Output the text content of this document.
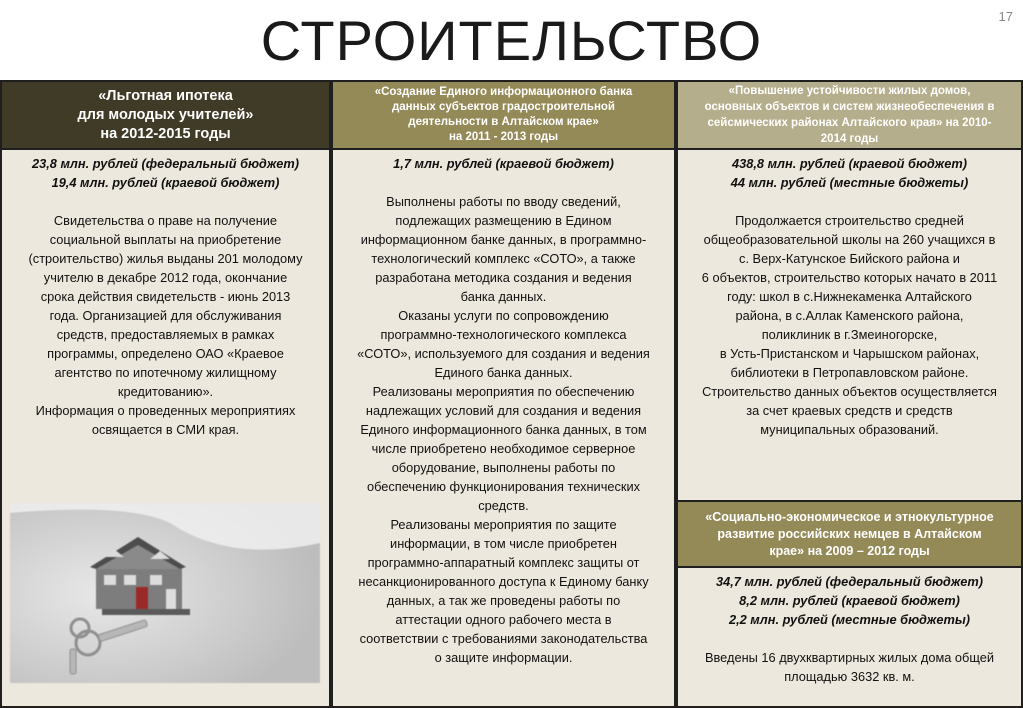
СТРОИТЕЛЬСТВО	17
«Льготная ипотека
для молодых учителей»
на 2012-2015 годы
23,8 млн. рублей (федеральный бюджет)
19,4 млн. рублей (краевой бюджет)
Свидетельства о праве на получение
социальной выплаты на приобретение
(строительство) жилья выданы 201 молодому
учителю в декабре 2012 года, окончание
срока действия свидетельств - июнь 2013
года. Организацией для обслуживания
средств, предоставляемых в рамках
программы, определено ОАО «Краевое
агентство по ипотечному жилищному
кредитованию».
Информация о проведенных мероприятиях
освящается в СМИ края.
«Создание Единого информационного банка
данных субъектов градостроительной
деятельности в Алтайском крае»
на 2011 - 2013 годы
1,7 млн. рублей (краевой бюджет)
Выполнены работы по вводу сведений,
подлежащих размещению в Едином
информационном банке данных, в программно-
технологический комплекс «СОТО», а также
разработана методика создания и ведения
банка данных.
Оказаны услуги по сопровождению
программно-технологического комплекса
«СОТО», используемого для создания и ведения
Единого банка данных.
Реализованы мероприятия по обеспечению
надлежащих условий для создания и ведения
Единого информационного банка данных, в том
числе приобретено необходимое серверное
оборудование, выполнены работы по
обеспечению функционирования технических
средств.
Реализованы мероприятия по защите
информации, в том числе приобретен
программно-аппаратный комплекс защиты от
несанкционированного доступа к Единому банку
данных, а так же проведены работы по
аттестации одного рабочего места в
соответствии с требованиями законодательства
о защите информации.
«Повышение устойчивости жилых домов,
основных объектов и систем жизнеобеспечения в
сейсмических районах Алтайского края» на 2010-
2014 годы
438,8 млн. рублей (краевой бюджет)
44 млн. рублей (местные бюджеты)
Продолжается строительство средней
общеобразовательной школы на 260 учащихся в
с. Верх-Катунское Бийского района и
6 объектов, строительство которых начато в 2011
году: школ в с.Нижнекаменка Алтайского
района, в с.Аллак Каменского района,
поликлиник в г.Змеиногорске,
в Усть-Пристанском и Чарышском районах,
библиотеки в Петропавловском районе.
Строительство данных объектов осуществляется
за счет краевых средств и средств
муниципальных образований.
«Социально-экономическое и этнокультурное
развитие российских немцев в Алтайском
крае» на 2009 – 2012 годы
34,7 млн. рублей (федеральный бюджет)
8,2 млн. рублей (краевой бюджет)
2,2 млн. рублей (местные бюджеты)
Введены 16 двухквартирных жилых дома общей
площадью 3632 кв. м.
